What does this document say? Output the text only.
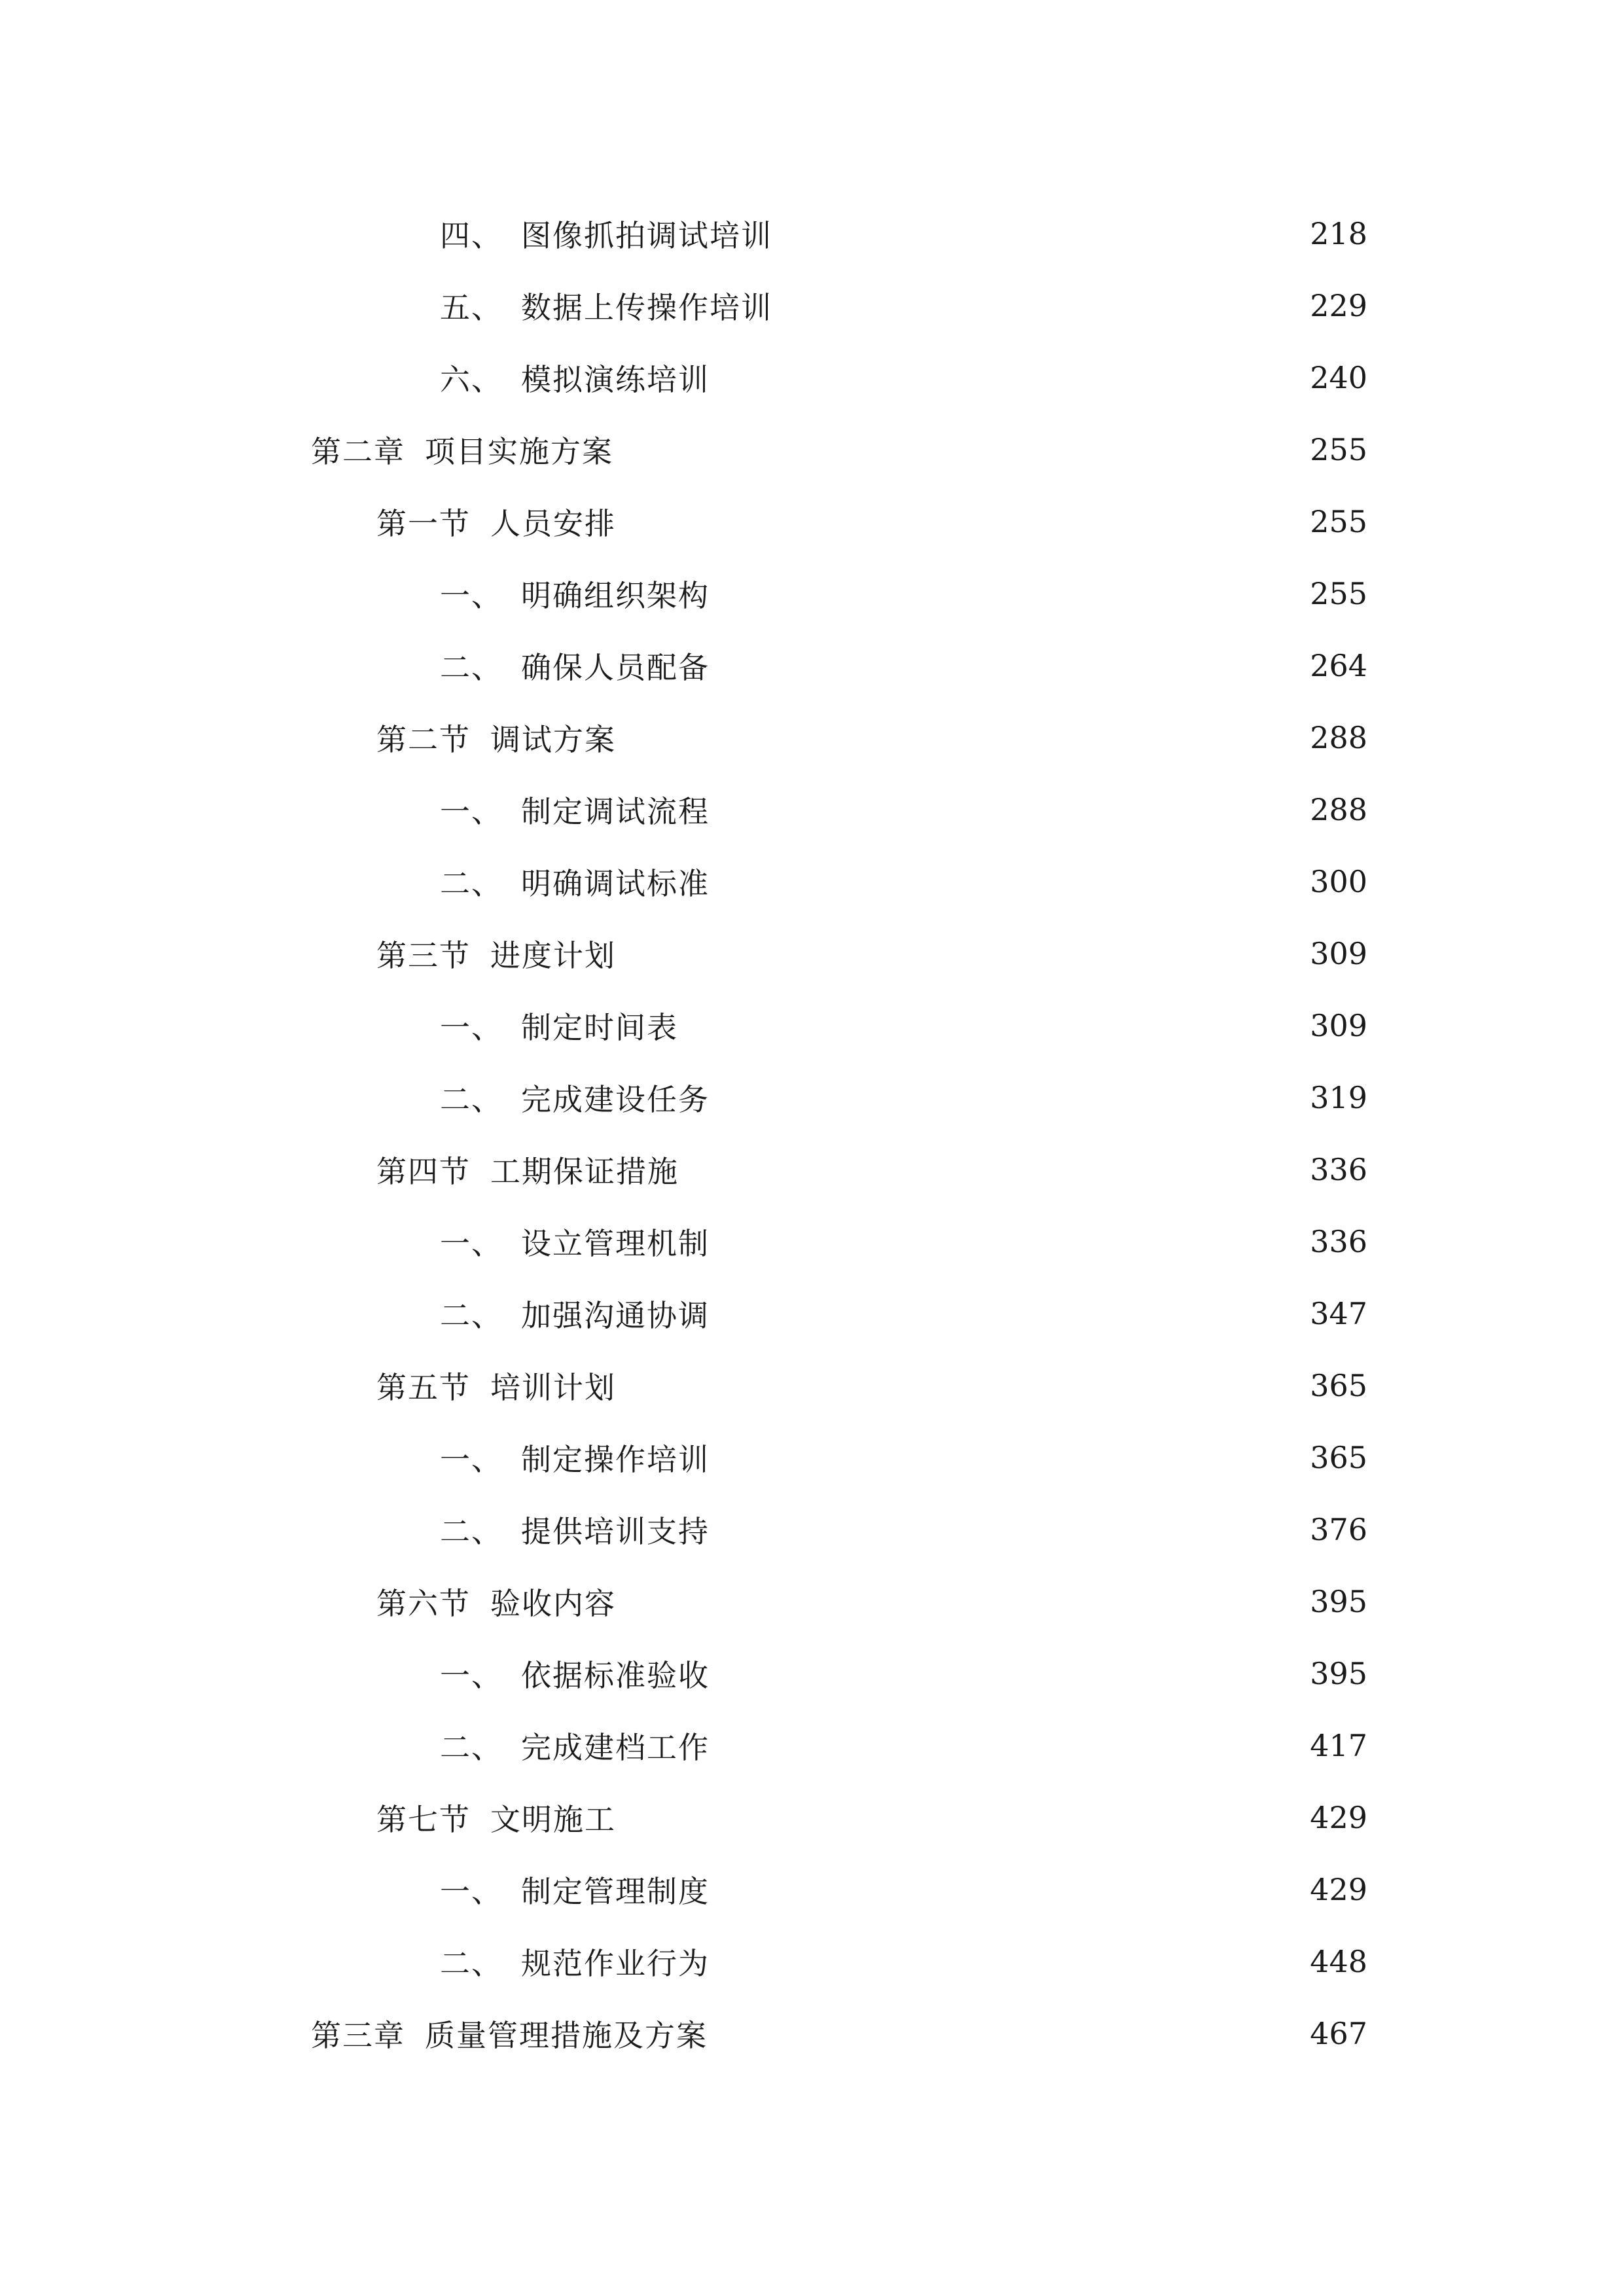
四、 图像抓拍调试培训	218
五、 数据上传操作培训	229
六、 模拟演练培训	240
第二章 项目实施方案	255
第一节 人员安排	255
一、 明确组织架构	255
二、 确保人员配备	264
第二节 调试方案	288
一、 制定调试流程	288
二、 明确调试标准	300
第三节 进度计划	309
一、 制定时间表	309
二、 完成建设任务	319
第四节 工期保证措施	336
一、 设立管理机制	336
二、 加强沟通协调	347
第五节 培训计划	365
一、 制定操作培训	365
二、 提供培训支持	376
第六节 验收内容	395
一、 依据标准验收	395
二、 完成建档工作	417
第七节 文明施工	429
一、 制定管理制度	429
二、 规范作业行为	448
第三章 质量管理措施及方案	467
